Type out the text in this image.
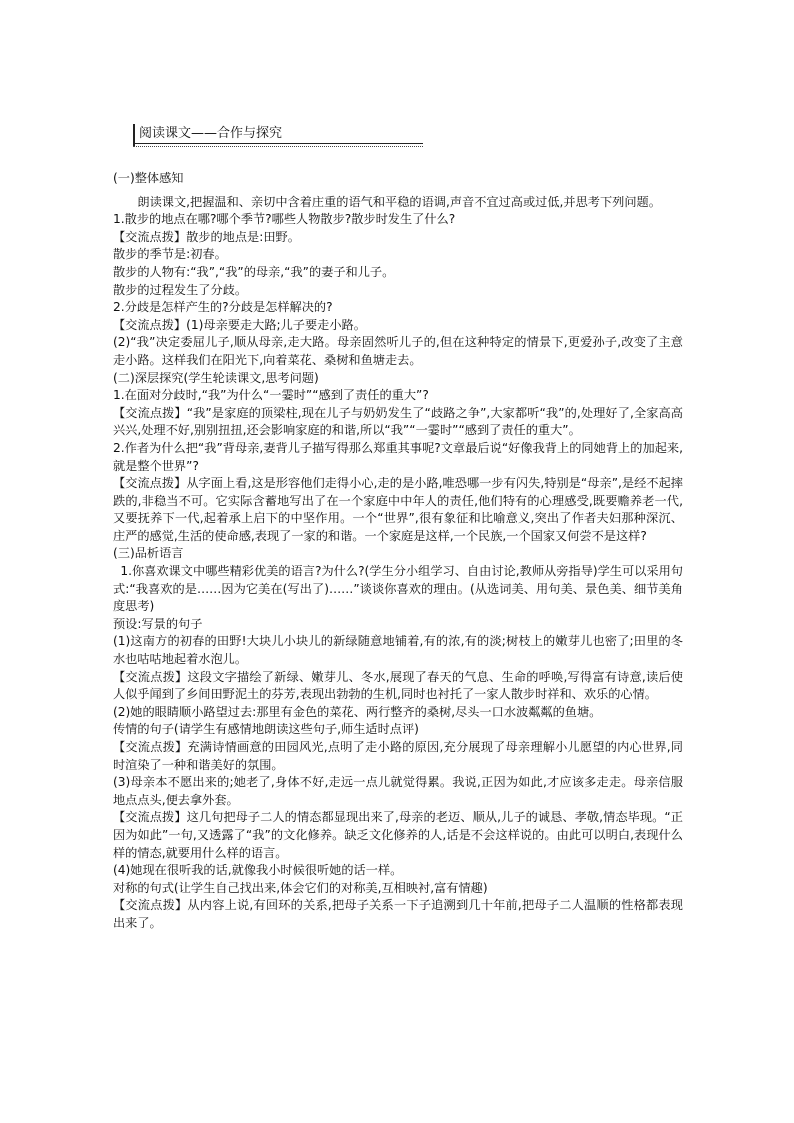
阅读课文——合作与探究

(一)整体感知

朗读课文,把握温和、亲切中含着庄重的语气和平稳的语调,声音不宜过高或过低,并思考下列问题。

1.散步的地点在哪?哪个季节?哪些人物散步?散步时发生了什么?

【交流点拨】散步的地点是:田野。

散步的季节是:初春。

散步的人物有:“我”,“我”的母亲,“我”的妻子和儿子。

散步的过程发生了分歧。

2.分歧是怎样产生的?分歧是怎样解决的?

【交流点拨】(1)母亲要走大路;儿子要走小路。

(2)“我”决定委屈儿子,顺从母亲,走大路。母亲固然听儿子的,但在这种特定的情景下,更爱孙子,改变了主意走小路。这样我们在阳光下,向着菜花、桑树和鱼塘走去。

(二)深层探究(学生轮读课文,思考问题)

1.在面对分歧时,“我”为什么“一霎时”“感到了责任的重大”?

【交流点拨】“我”是家庭的顶梁柱,现在儿子与奶奶发生了“歧路之争”,大家都听“我”的,处理好了,全家高高兴兴,处理不好,别别扭扭,还会影响家庭的和谐,所以“我”“一霎时”“感到了责任的重大”。

2.作者为什么把“我”背母亲,妻背儿子描写得那么郑重其事呢?文章最后说“好像我背上的同她背上的加起来,就是整个世界”?

【交流点拨】从字面上看,这是形容他们走得小心,走的是小路,唯恐哪一步有闪失,特别是“母亲”,是经不起摔跌的,非稳当不可。它实际含蓄地写出了在一个家庭中中年人的责任,他们特有的心理感受,既要赡养老一代,又要抚养下一代,起着承上启下的中坚作用。一个“世界”,很有象征和比喻意义,突出了作者夫妇那种深沉、庄严的感觉,生活的使命感,表现了一家的和谐。一个家庭是这样,一个民族,一个国家又何尝不是这样?

(三)品析语言

1.你喜欢课文中哪些精彩优美的语言?为什么?(学生分小组学习、自由讨论,教师从旁指导)学生可以采用句式:“我喜欢的是……因为它美在(写出了)……”谈谈你喜欢的理由。(从选词美、用句美、景色美、细节美角度思考)

预设:写景的句子

(1)这南方的初春的田野!大块儿小块儿的新绿随意地铺着,有的浓,有的淡;树枝上的嫩芽儿也密了;田里的冬水也咕咕地起着水泡儿。

【交流点拨】这段文字描绘了新绿、嫩芽儿、冬水,展现了春天的气息、生命的呼唤,写得富有诗意,读后使人似乎闻到了乡间田野泥土的芬芳,表现出勃勃的生机,同时也衬托了一家人散步时祥和、欢乐的心情。

(2)她的眼睛顺小路望过去:那里有金色的菜花、两行整齐的桑树,尽头一口水波粼粼的鱼塘。

传情的句子(请学生有感情地朗读这些句子,师生适时点评)

【交流点拨】充满诗情画意的田园风光,点明了走小路的原因,充分展现了母亲理解小儿愿望的内心世界,同时渲染了一种和谐美好的氛围。

(3)母亲本不愿出来的;她老了,身体不好,走远一点儿就觉得累。我说,正因为如此,才应该多走走。母亲信服地点点头,便去拿外套。

【交流点拨】这几句把母子二人的情态都显现出来了,母亲的老迈、顺从,儿子的诚恳、孝敬,情态毕现。“正因为如此”一句,又透露了“我”的文化修养。缺乏文化修养的人,话是不会这样说的。由此可以明白,表现什么样的情态,就要用什么样的语言。

(4)她现在很听我的话,就像我小时候很听她的话一样。

对称的句式(让学生自己找出来,体会它们的对称美,互相映衬,富有情趣)

【交流点拨】从内容上说,有回环的关系,把母子关系一下子追溯到几十年前,把母子二人温顺的性格都表现出来了。
